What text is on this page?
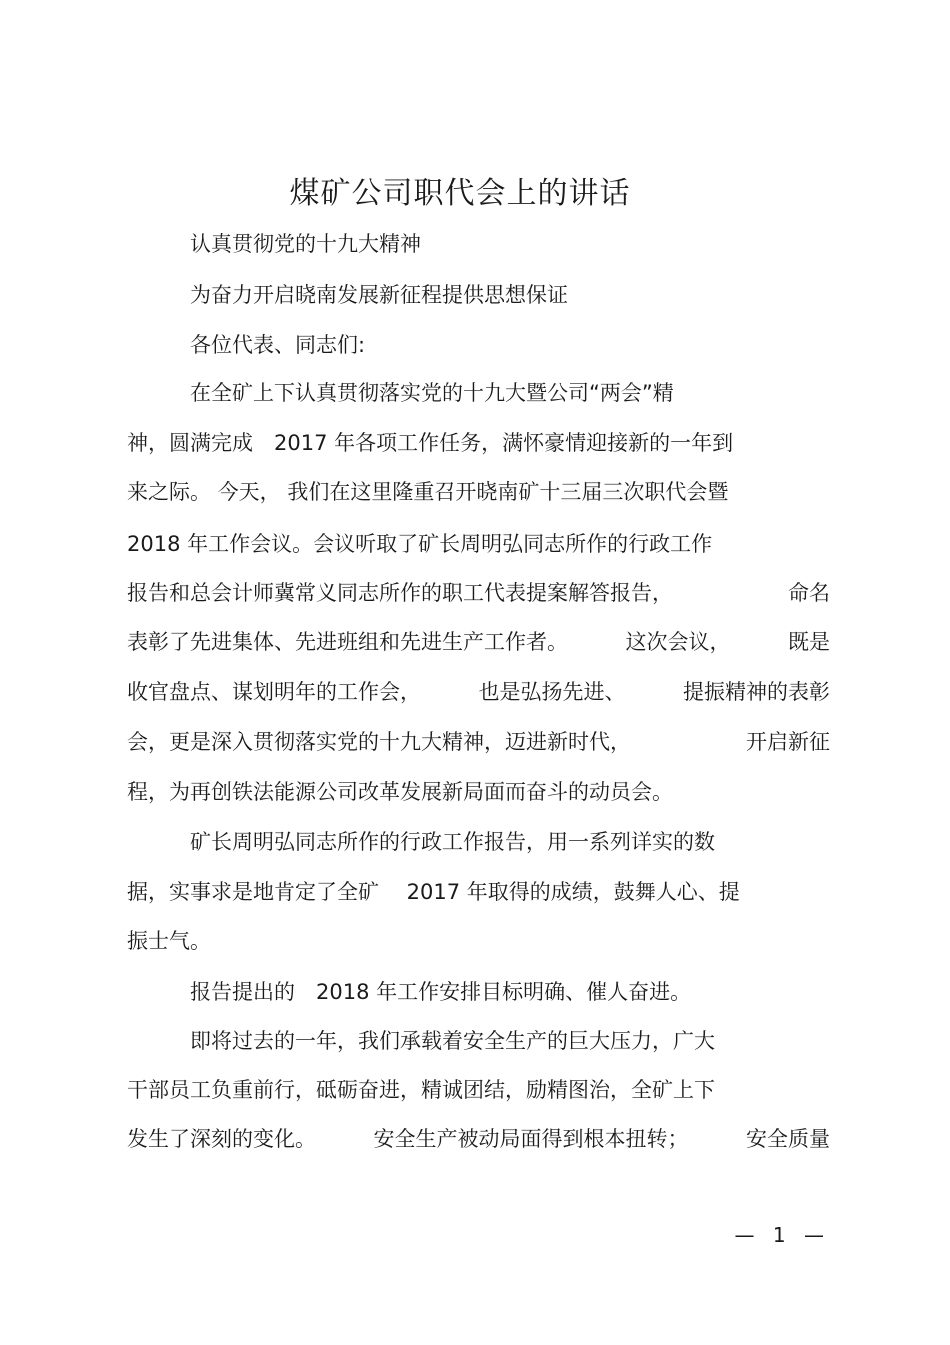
煤矿公司职代会上的讲话
认真贯彻党的十九大精神
为奋力开启晓南发展新征程提供思想保证
各位代表、同志们:
在全矿上下认真贯彻落实党的十九大暨公司“两会”精
神，圆满完成　2017 年各项工作任务，满怀豪情迎接新的一年到
来之际。 今天， 我们在这里隆重召开晓南矿十三届三次职代会暨
2018 年工作会议。会议听取了矿长周明弘同志所作的行政工作
报告和总会计师冀常义同志所作的职工代表提案解答报告，	命名
表彰了先进集体、先进班组和先进生产工作者。	这次会议，	既是
收官盘点、谋划明年的工作会，	也是弘扬先进、	提振精神的表彰
会，更是深入贯彻落实党的十九大精神，迈进新时代，	开启新征
程，为再创铁法能源公司改革发展新局面而奋斗的动员会。
矿长周明弘同志所作的行政工作报告，用一系列详实的数
据，实事求是地肯定了全矿　 2017 年取得的成绩，鼓舞人心、提
振士气。
报告提出的　2018 年工作安排目标明确、催人奋进。
即将过去的一年，我们承载着安全生产的巨大压力，广大
干部员工负重前行，砥砺奋进，精诚团结，励精图治，全矿上下
发生了深刻的变化。	安全生产被动局面得到根本扭转；	安全质量
— 1 —
